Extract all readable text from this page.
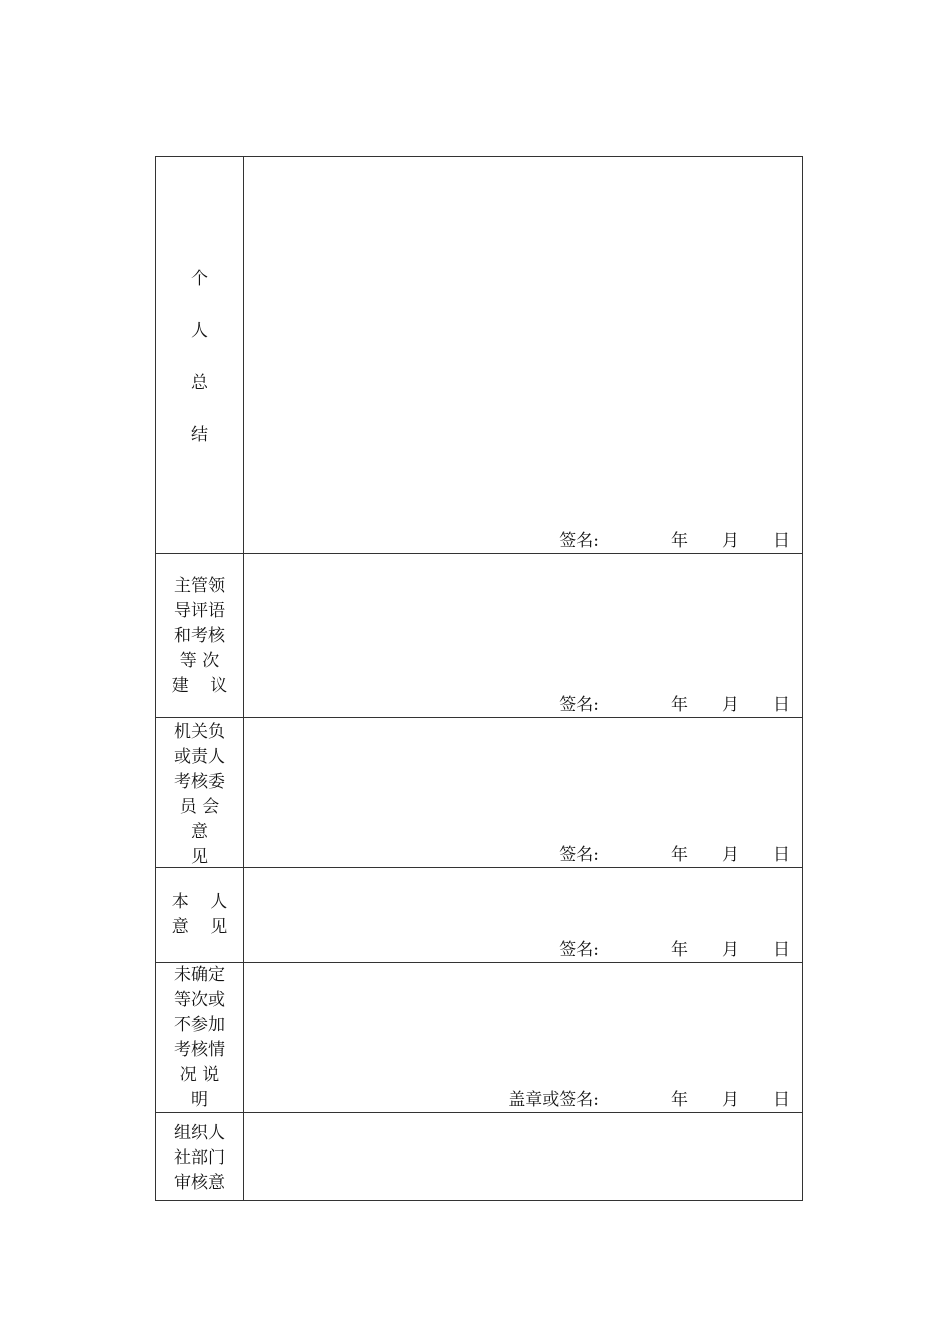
个
人
总
结
签名:	年 月 日
主管领
导评语
和考核
等 次
建    议
签名:	年 月 日
机关负
或责人
考核委
员 会
意
见	签名:	年 月 日
本    人
意    见
签名:	年 月 日
未确定
等次或
不参加
考核情
况 说
明	盖章或签名:	年 月 日
组织人
社部门
审核意
